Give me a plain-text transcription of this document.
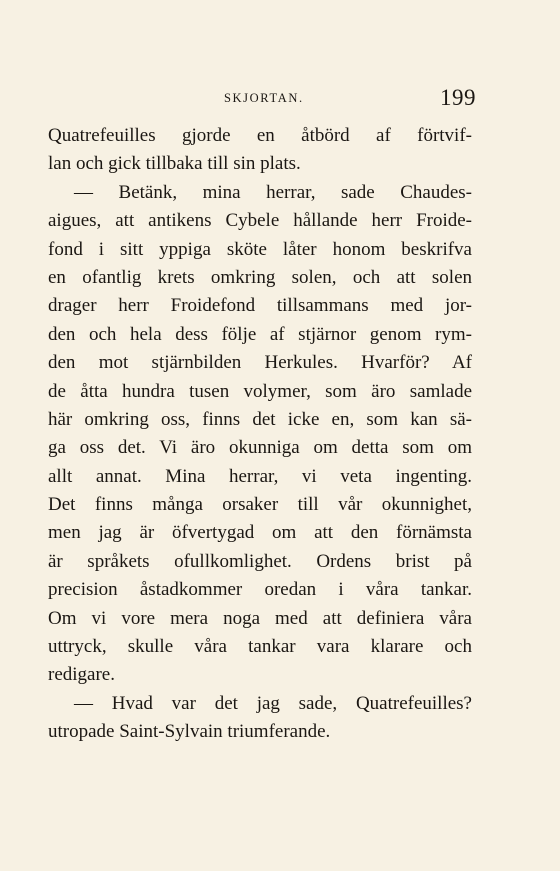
SKJORTAN.	199
Quatrefeuilles gjorde en åtbörd af förtvif-
lan och gick tillbaka till sin plats.
— Betänk, mina herrar, sade Chaudes-
aigues, att antikens Cybele hållande herr Froide-
fond i sitt yppiga sköte låter honom beskrifva
en ofantlig krets omkring solen, och att solen
drager herr Froidefond tillsammans med jor-
den och hela dess följe af stjärnor genom rym-
den mot stjärnbilden Herkules. Hvarför? Af
de åtta hundra tusen volymer, som äro samlade
här omkring oss, finns det icke en, som kan sä-
ga oss det. Vi äro okunniga om detta som om
allt annat. Mina herrar, vi veta ingenting.
Det finns många orsaker till vår okunnighet,
men jag är öfvertygad om att den förnämsta
är språkets ofullkomlighet. Ordens brist på
precision åstadkommer oredan i våra tankar.
Om vi vore mera noga med att definiera våra
uttryck, skulle våra tankar vara klarare och
redigare.
— Hvad var det jag sade, Quatrefeuilles?
utropade Saint-Sylvain triumferande.
